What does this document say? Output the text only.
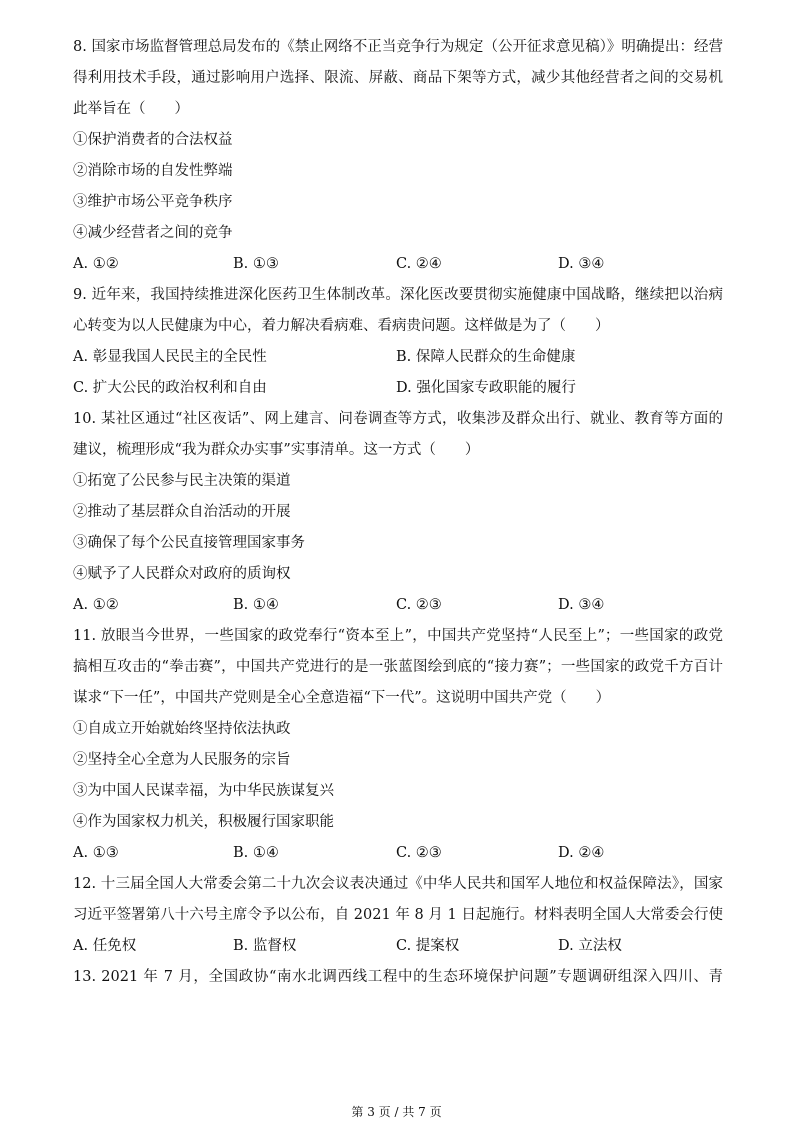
8. 国家市场监督管理总局发布的《禁止网络不正当竞争行为规定（公开征求意见稿）》明确提出：经营
得利用技术手段，通过影响用户选择、限流、屏蔽、商品下架等方式，减少其他经营者之间的交易机
此举旨在（　　）
①保护消费者的合法权益
②消除市场的自发性弊端
③维护市场公平竞争秩序
④减少经营者之间的竞争
A. ①②	B. ①③	C. ②④	D. ③④
9. 近年来，我国持续推进深化医药卫生体制改革。深化医改要贯彻实施健康中国战略，继续把以治病
心转变为以人民健康为中心，着力解决看病难、看病贵问题。这样做是为了（　　）
A. 彰显我国人民民主的全民性	B. 保障人民群众的生命健康
C. 扩大公民的政治权利和自由	D. 强化国家专政职能的履行
10. 某社区通过“社区夜话”、网上建言、问卷调查等方式，收集涉及群众出行、就业、教育等方面的
建议，梳理形成“我为群众办实事”实事清单。这一方式（　　）
①拓宽了公民参与民主决策的渠道
②推动了基层群众自治活动的开展
③确保了每个公民直接管理国家事务
④赋予了人民群众对政府的质询权
A. ①②	B. ①④	C. ②③	D. ③④
11. 放眼当今世界，一些国家的政党奉行“资本至上”，中国共产党坚持“人民至上”；一些国家的政党
搞相互攻击的“拳击赛”，中国共产党进行的是一张蓝图绘到底的“接力赛”；一些国家的政党千方百计
谋求“下一任”，中国共产党则是全心全意造福“下一代”。这说明中国共产党（　　）
①自成立开始就始终坚持依法执政
②坚持全心全意为人民服务的宗旨
③为中国人民谋幸福，为中华民族谋复兴
④作为国家权力机关，积极履行国家职能
A. ①③	B. ①④	C. ②③	D. ②④
12. 十三届全国人大常委会第二十九次会议表决通过《中华人民共和国军人地位和权益保障法》，国家
习近平签署第八十六号主席令予以公布，自 2021 年 8 月 1 日起施行。材料表明全国人大常委会行使　　
A. 任免权	B. 监督权	C. 提案权	D. 立法权
13. 2021 年 7 月，全国政协“南水北调西线工程中的生态环境保护问题”专题调研组深入四川、青
第 3 页 / 共 7 页
